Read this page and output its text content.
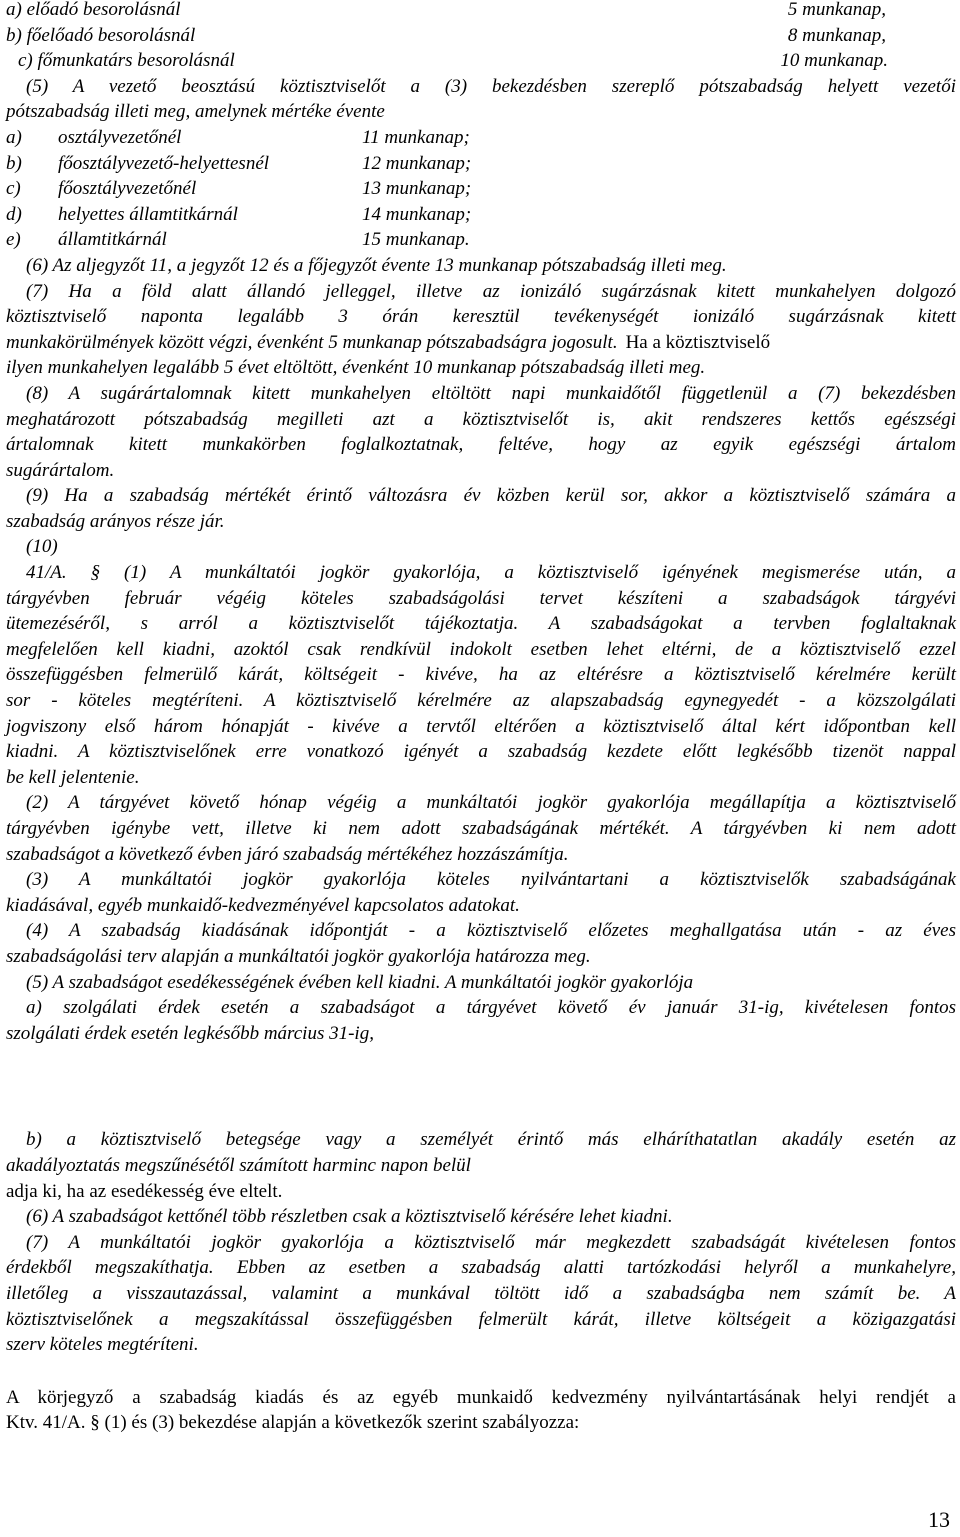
a) előadó besorolásnál	5 munkanap,
b) főelőadó besorolásnál	8 munkanap,
c) főmunkatárs besorolásnál	10 munkanap.
(5) A vezető beosztású köztisztviselőt a (3) bekezdésben szereplő pótszabadság helyett vezetői
pótszabadság illeti meg, amelynek mértéke évente
a)	osztályvezetőnél	11 munkanap;
b)	főosztályvezető-helyettesnél	12 munkanap;
c)	főosztályvezetőnél	13 munkanap;
d)	helyettes államtitkárnál	14 munkanap;
e)	államtitkárnál	15 munkanap.
(6) Az aljegyzőt 11, a jegyzőt 12 és a főjegyzőt évente 13 munkanap pótszabadság illeti meg.
(7) Ha a föld alatt állandó jelleggel, illetve az ionizáló sugárzásnak kitett munkahelyen dolgozó
köztisztviselő naponta legalább 3 órán keresztül tevékenységét ionizáló sugárzásnak kitett
munkakörülmények között végzi, évenként 5 munkanap pótszabadságra jogosult. Ha a köztisztviselő
ilyen munkahelyen legalább 5 évet eltöltött, évenként 10 munkanap pótszabadság illeti meg.
(8) A sugárártalomnak kitett munkahelyen eltöltött napi munkaidőtől függetlenül a (7) bekezdésben
meghatározott pótszabadság megilleti azt a köztisztviselőt is, akit rendszeres kettős egészségi
ártalomnak kitett munkakörben foglalkoztatnak, feltéve, hogy az egyik egészségi ártalom
sugárártalom.
(9) Ha a szabadság mértékét érintő változásra év közben kerül sor, akkor a köztisztviselő számára a
szabadság arányos része jár.
(10)
41/A. § (1) A munkáltatói jogkör gyakorlója, a köztisztviselő igényének megismerése után, a
tárgyévben február végéig köteles szabadságolási tervet készíteni a szabadságok tárgyévi
ütemezéséről, s arról a köztisztviselőt tájékoztatja. A szabadságokat a tervben foglaltaknak
megfelelően kell kiadni, azoktól csak rendkívül indokolt esetben lehet eltérni, de a köztisztviselő ezzel
összefüggésben felmerülő kárát, költségeit - kivéve, ha az eltérésre a köztisztviselő kérelmére került
sor - köteles megtéríteni. A köztisztviselő kérelmére az alapszabadság egynegyedét - a közszolgálati
jogviszony első három hónapját - kivéve a tervtől eltérően a köztisztviselő által kért időpontban kell
kiadni. A köztisztviselőnek erre vonatkozó igényét a szabadság kezdete előtt legkésőbb tizenöt nappal
be kell jelentenie.
(2) A tárgyévet követő hónap végéig a munkáltatói jogkör gyakorlója megállapítja a köztisztviselő
tárgyévben igénybe vett, illetve ki nem adott szabadságának mértékét. A tárgyévben ki nem adott
szabadságot a következő évben járó szabadság mértékéhez hozzászámítja.
(3) A munkáltatói jogkör gyakorlója köteles nyilvántartani a köztisztviselők szabadságának
kiadásával, egyéb munkaidő-kedvezményével kapcsolatos adatokat.
(4) A szabadság kiadásának időpontját - a köztisztviselő előzetes meghallgatása után - az éves
szabadságolási terv alapján a munkáltatói jogkör gyakorlója határozza meg.
(5) A szabadságot esedékességének évében kell kiadni. A munkáltatói jogkör gyakorlója
a) szolgálati érdek esetén a szabadságot a tárgyévet követő év január 31-ig, kivételesen fontos
szolgálati érdek esetén legkésőbb március 31-ig,
b) a köztisztviselő betegsége vagy a személyét érintő más elháríthatatlan akadály esetén az
akadályoztatás megszűnésétől számított harminc napon belül
adja ki, ha az esedékesség éve eltelt.
(6) A szabadságot kettőnél több részletben csak a köztisztviselő kérésére lehet kiadni.
(7) A munkáltatói jogkör gyakorlója a köztisztviselő már megkezdett szabadságát kivételesen fontos
érdekből megszakíthatja. Ebben az esetben a szabadság alatti tartózkodási helyről a munkahelyre,
illetőleg a visszautazással, valamint a munkával töltött idő a szabadságba nem számít be. A
köztisztviselőnek a megszakítással összefüggésben felmerült kárát, illetve költségeit a közigazgatási
szerv köteles megtéríteni.
A körjegyző a szabadság kiadás és az egyéb munkaidő kedvezmény nyilvántartásának helyi rendjét a
Ktv. 41/A. § (1) és (3) bekezdése alapján a következők szerint szabályozza:
13
